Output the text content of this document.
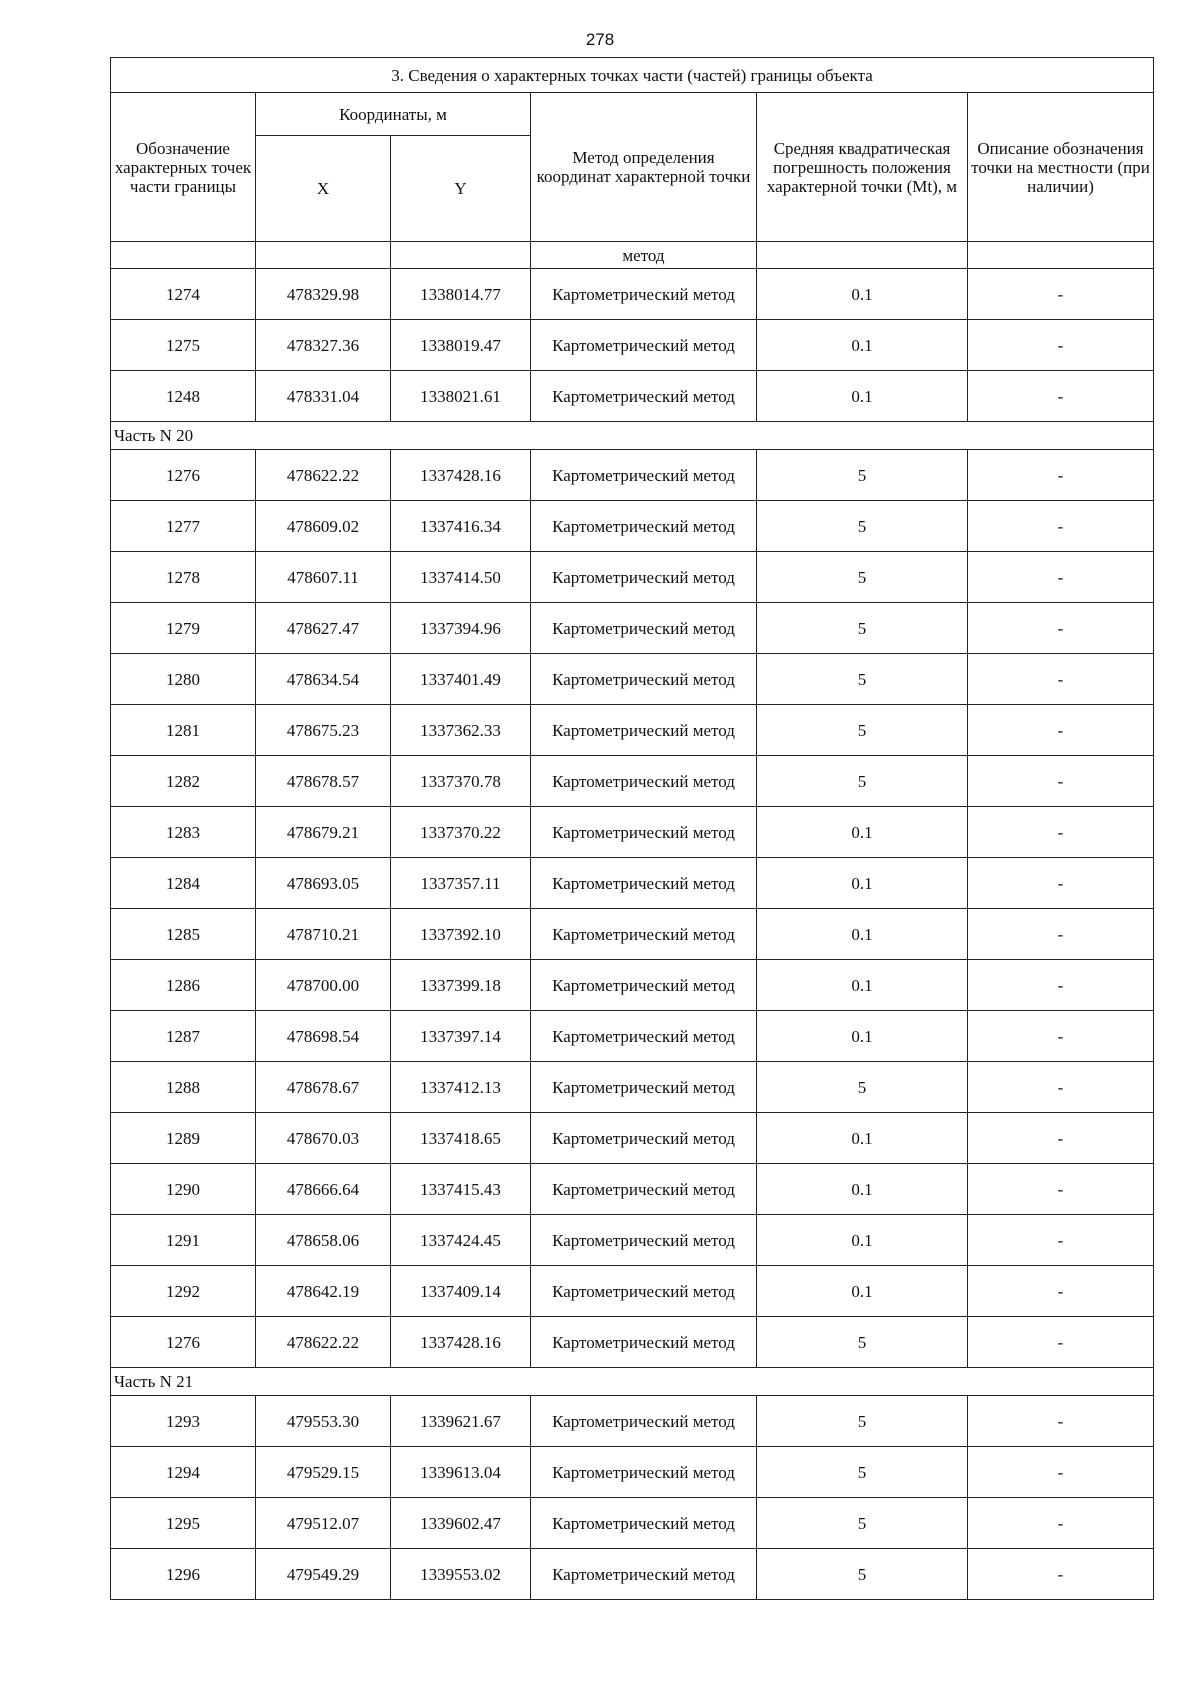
278
3. Сведения о характерных точках части (частей) границы объекта					
Обозначение характерных точек части границы	Координаты, м		Метод определения координат характерной точки	Средняя квадратическая погрешность положения характерной точки (Mt), м	Описание обозначения точки на местности (при наличии)
	X	Y			
			метод		
1274	478329.98	1338014.77	Картометрический метод	0.1	-
1275	478327.36	1338019.47	Картометрический метод	0.1	-
1248	478331.04	1338021.61	Картометрический метод	0.1	-
Часть N 20					
1276	478622.22	1337428.16	Картометрический метод	5	-
1277	478609.02	1337416.34	Картометрический метод	5	-
1278	478607.11	1337414.50	Картометрический метод	5	-
1279	478627.47	1337394.96	Картометрический метод	5	-
1280	478634.54	1337401.49	Картометрический метод	5	-
1281	478675.23	1337362.33	Картометрический метод	5	-
1282	478678.57	1337370.78	Картометрический метод	5	-
1283	478679.21	1337370.22	Картометрический метод	0.1	-
1284	478693.05	1337357.11	Картометрический метод	0.1	-
1285	478710.21	1337392.10	Картометрический метод	0.1	-
1286	478700.00	1337399.18	Картометрический метод	0.1	-
1287	478698.54	1337397.14	Картометрический метод	0.1	-
1288	478678.67	1337412.13	Картометрический метод	5	-
1289	478670.03	1337418.65	Картометрический метод	0.1	-
1290	478666.64	1337415.43	Картометрический метод	0.1	-
1291	478658.06	1337424.45	Картометрический метод	0.1	-
1292	478642.19	1337409.14	Картометрический метод	0.1	-
1276	478622.22	1337428.16	Картометрический метод	5	-
Часть N 21					
1293	479553.30	1339621.67	Картометрический метод	5	-
1294	479529.15	1339613.04	Картометрический метод	5	-
1295	479512.07	1339602.47	Картометрический метод	5	-
1296	479549.29	1339553.02	Картометрический метод	5	-
